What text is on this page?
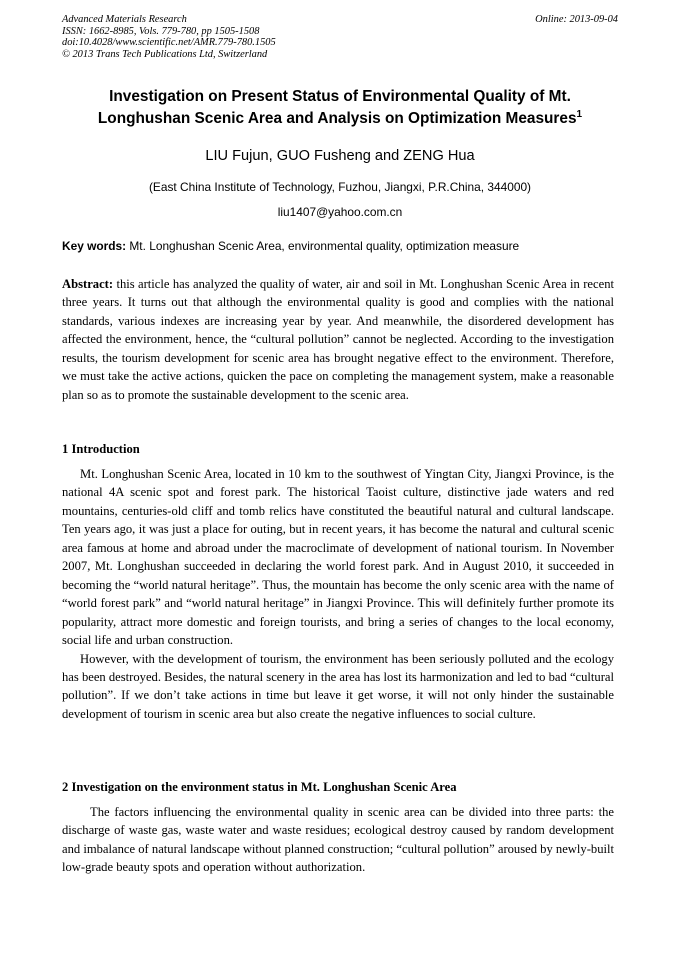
Advanced Materials Research
ISSN: 1662-8985, Vols. 779-780, pp 1505-1508
doi:10.4028/www.scientific.net/AMR.779-780.1505
© 2013 Trans Tech Publications Ltd, Switzerland
Online: 2013-09-04
Investigation on Present Status of Environmental Quality of Mt.
Longhushan Scenic Area and Analysis on Optimization Measures$^1$
LIU Fujun, GUO Fusheng and ZENG Hua
(East China Institute of Technology, Fuzhou, Jiangxi, P.R.China, 344000)
liu1407@yahoo.com.cn
Key words: Mt. Longhushan Scenic Area, environmental quality, optimization measure
Abstract: this article has analyzed the quality of water, air and soil in Mt. Longhushan Scenic Area in recent three years. It turns out that although the environmental quality is good and complies with the national standards, various indexes are increasing year by year. And meanwhile, the disordered development has affected the environment, hence, the “cultural pollution” cannot be neglected. According to the investigation results, the tourism development for scenic area has brought negative effect to the environment. Therefore, we must take the active actions, quicken the pace on completing the management system, make a reasonable plan so as to promote the sustainable development to the scenic area.
1 Introduction

Mt. Longhushan Scenic Area, located in 10 km to the southwest of Yingtan City, Jiangxi Province, is the national 4A scenic spot and forest park. The historical Taoist culture, distinctive jade waters and red mountains, centuries-old cliff and tomb relics have constituted the beautiful natural and cultural landscape. Ten years ago, it was just a place for outing, but in recent years, it has become the natural and cultural scenic area famous at home and abroad under the macroclimate of development of national tourism. In November 2007, Mt. Longhushan succeeded in declaring the world forest park. And in August 2010, it succeeded in becoming the “world natural heritage”. Thus, the mountain has become the only scenic area with the name of “world forest park” and “world natural heritage” in Jiangxi Province. This will definitely further promote its popularity, attract more domestic and foreign tourists, and bring a series of changes to the local economy, social life and urban construction.

However, with the development of tourism, the environment has been seriously polluted and the ecology has been destroyed. Besides, the natural scenery in the area has lost its harmonization and led to bad “cultural pollution”. If we don’t take actions in time but leave it get worse, it will not only hinder the sustainable development of tourism in scenic area but also create the negative influences to social culture.

2 Investigation on the environment status in Mt. Longhushan Scenic Area

The factors influencing the environmental quality in scenic area can be divided into three parts: the discharge of waste gas, waste water and waste residues; ecological destroy caused by random development and imbalance of natural landscape without planned construction; “cultural pollution” aroused by newly-built low-grade beauty spots and operation without authorization.
